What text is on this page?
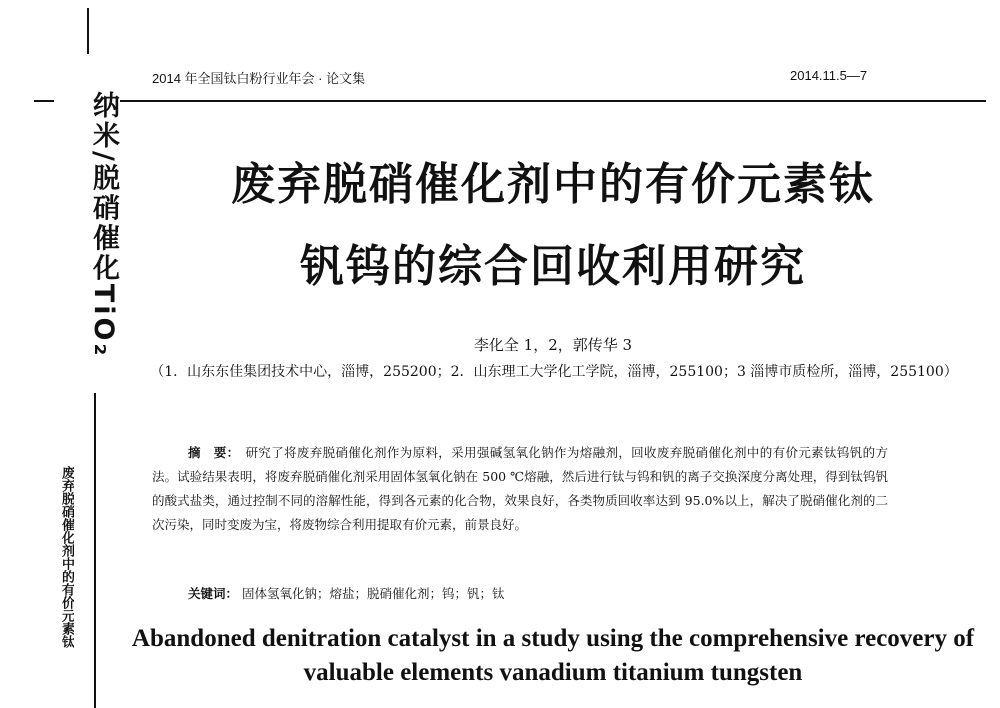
纳米/脱硝催化TiO₂
废弃脱硝催化剂中的有价元素钛
2014 年全国钛白粉行业年会 · 论文集	2014.11.5—7
废弃脱硝催化剂中的有价元素钛
钒钨的综合回收利用研究
李化全 1，2，郭传华 3
（1．山东东佳集团技术中心，淄博，255200；2．山东理工大学化工学院，淄博，255100；3 淄博市质检所，淄博，255100）
摘　要： 研究了将废弃脱硝催化剂作为原料，采用强碱氢氧化钠作为熔融剂，回收废弃脱硝催化剂中的有价元素钛钨钒的方法。试验结果表明，将废弃脱硝催化剂采用固体氢氧化钠在 500 ℃熔融，然后进行钛与钨和钒的离子交换深度分离处理，得到钛钨钒的酸式盐类，通过控制不同的溶解性能，得到各元素的化合物，效果良好，各类物质回收率达到 95.0%以上，解决了脱硝催化剂的二次污染，同时变废为宝，将废物综合利用提取有价元素，前景良好。
关键词： 固体氢氧化钠；熔盐；脱硝催化剂；钨；钒；钛
Abandoned denitration catalyst in a study using the comprehensive recovery of valuable elements vanadium titanium tungsten
